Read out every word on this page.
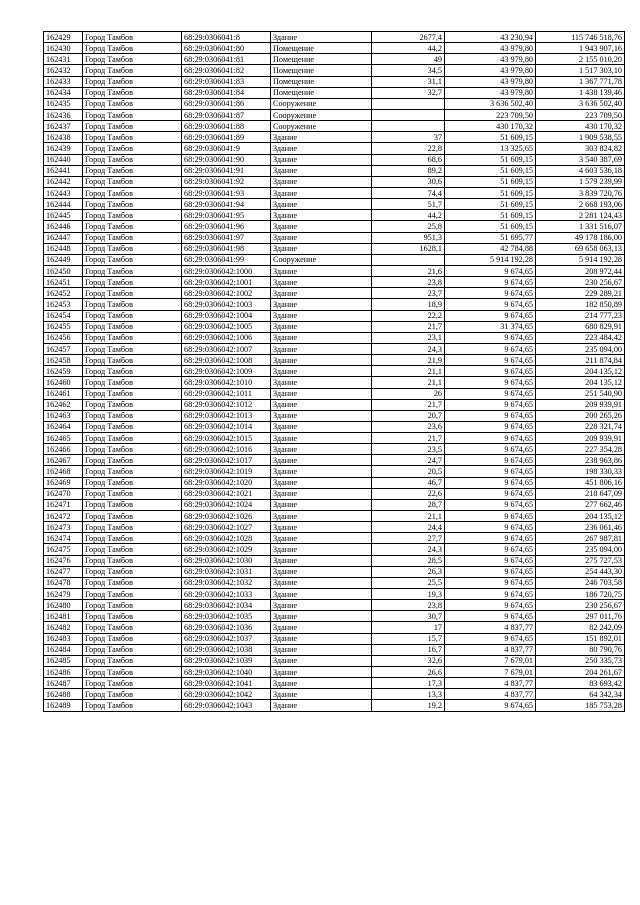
162429	Город Тамбов	68:29:0306041:8	Здание	2677,4	43 230,94	115 746 518,76
162430	Город Тамбов	68:29:0306041:80	Помещение	44,2	43 979,80	1 943 907,16
162431	Город Тамбов	68:29:0306041:81	Помещение	49	43 979,80	2 155 010,20
162432	Город Тамбов	68:29:0306041:82	Помещение	34,5	43 979,80	1 517 303,10
162433	Город Тамбов	68:29:0306041:83	Помещение	31,1	43 979,80	1 367 771,78
162434	Город Тамбов	68:29:0306041:84	Помещение	32,7	43 979,80	1 438 139,46
162435	Город Тамбов	68:29:0306041:86	Сооружение		3 636 502,40	3 636 502,40
162436	Город Тамбов	68:29:0306041:87	Сооружение		223 709,50	223 709,50
162437	Город Тамбов	68:29:0306041:88	Сооружение		430 170,32	430 170,32
162438	Город Тамбов	68:29:0306041:89	Здание	37	51 609,15	1 909 538,55
162439	Город Тамбов	68:29:0306041:9	Здание	22,8	13 325,65	303 824,82
162440	Город Тамбов	68:29:0306041:90	Здание	68,6	51 609,15	3 540 387,69
162441	Город Тамбов	68:29:0306041:91	Здание	89,2	51 609,15	4 603 536,18
162442	Город Тамбов	68:29:0306041:92	Здание	30,6	51 609,15	1 579 239,99
162443	Город Тамбов	68:29:0306041:93	Здание	74,4	51 609,15	3 839 720,76
162444	Город Тамбов	68:29:0306041:94	Здание	51,7	51 609,15	2 668 193,06
162445	Город Тамбов	68:29:0306041:95	Здание	44,2	51 609,15	2 281 124,43
162446	Город Тамбов	68:29:0306041:96	Здание	25,8	51 609,15	1 331 516,07
162447	Город Тамбов	68:29:0306041:97	Здание	951,3	51 695,77	49 178 186,00
162448	Город Тамбов	68:29:0306041:98	Здание	1628,1	42 784,88	69 658 063,13
162449	Город Тамбов	68:29:0306041:99	Сооружение		5 914 192,28	5 914 192,28
162450	Город Тамбов	68:29:0306042:1000	Здание	21,6	9 674,65	208 972,44
162451	Город Тамбов	68:29:0306042:1001	Здание	23,8	9 674,65	230 256,67
162452	Город Тамбов	68:29:0306042:1002	Здание	23,7	9 674,65	229 289,21
162453	Город Тамбов	68:29:0306042:1003	Здание	18,9	9 674,65	182 850,89
162454	Город Тамбов	68:29:0306042:1004	Здание	22,2	9 674,65	214 777,23
162455	Город Тамбов	68:29:0306042:1005	Здание	21,7	31 374,65	680 829,91
162456	Город Тамбов	68:29:0306042:1006	Здание	23,1	9 674,65	223 484,42
162457	Город Тамбов	68:29:0306042:1007	Здание	24,3	9 674,65	235 094,00
162458	Город Тамбов	68:29:0306042:1008	Здание	21,9	9 674,65	211 874,84
162459	Город Тамбов	68:29:0306042:1009	Здание	21,1	9 674,65	204 135,12
162460	Город Тамбов	68:29:0306042:1010	Здание	21,1	9 674,65	204 135,12
162461	Город Тамбов	68:29:0306042:1011	Здание	26	9 674,65	251 540,90
162462	Город Тамбов	68:29:0306042:1012	Здание	21,7	9 674,65	209 939,91
162463	Город Тамбов	68:29:0306042:1013	Здание	20,7	9 674,65	200 265,26
162464	Город Тамбов	68:29:0306042:1014	Здание	23,6	9 674,65	228 321,74
162465	Город Тамбов	68:29:0306042:1015	Здание	21,7	9 674,65	209 939,91
162466	Город Тамбов	68:29:0306042:1016	Здание	23,5	9 674,65	227 354,28
162467	Город Тамбов	68:29:0306042:1017	Здание	24,7	9 674,65	238 963,86
162468	Город Тамбов	68:29:0306042:1019	Здание	20,5	9 674,65	198 330,33
162469	Город Тамбов	68:29:0306042:1020	Здание	46,7	9 674,65	451 806,16
162470	Город Тамбов	68:29:0306042:1021	Здание	22,6	9 674,65	218 647,09
162471	Город Тамбов	68:29:0306042:1024	Здание	28,7	9 674,65	277 662,46
162472	Город Тамбов	68:29:0306042:1026	Здание	21,1	9 674,65	204 135,12
162473	Город Тамбов	68:29:0306042:1027	Здание	24,4	9 674,65	236 061,46
162474	Город Тамбов	68:29:0306042:1028	Здание	27,7	9 674,65	267 987,81
162475	Город Тамбов	68:29:0306042:1029	Здание	24,3	9 674,65	235 094,00
162476	Город Тамбов	68:29:0306042:1030	Здание	28,5	9 674,65	275 727,53
162477	Город Тамбов	68:29:0306042:1031	Здание	26,3	9 674,65	254 443,30
162478	Город Тамбов	68:29:0306042:1032	Здание	25,5	9 674,65	246 703,58
162479	Город Тамбов	68:29:0306042:1033	Здание	19,3	9 674,65	186 720,75
162480	Город Тамбов	68:29:0306042:1034	Здание	23,8	9 674,65	230 256,67
162481	Город Тамбов	68:29:0306042:1035	Здание	30,7	9 674,65	297 011,76
162482	Город Тамбов	68:29:0306042:1036	Здание	17	4 837,77	82 242,09
162483	Город Тамбов	68:29:0306042:1037	Здание	15,7	9 674,65	151 892,01
162484	Город Тамбов	68:29:0306042:1038	Здание	16,7	4 837,77	80 790,76
162485	Город Тамбов	68:29:0306042:1039	Здание	32,6	7 679,01	250 335,73
162486	Город Тамбов	68:29:0306042:1040	Здание	26,6	7 679,01	204 261,67
162487	Город Тамбов	68:29:0306042:1041	Здание	17,3	4 837,77	83 693,42
162488	Город Тамбов	68:29:0306042:1042	Здание	13,3	4 837,77	64 342,34
162489	Город Тамбов	68:29:0306042:1043	Здание	19,2	9 674,65	185 753,28
